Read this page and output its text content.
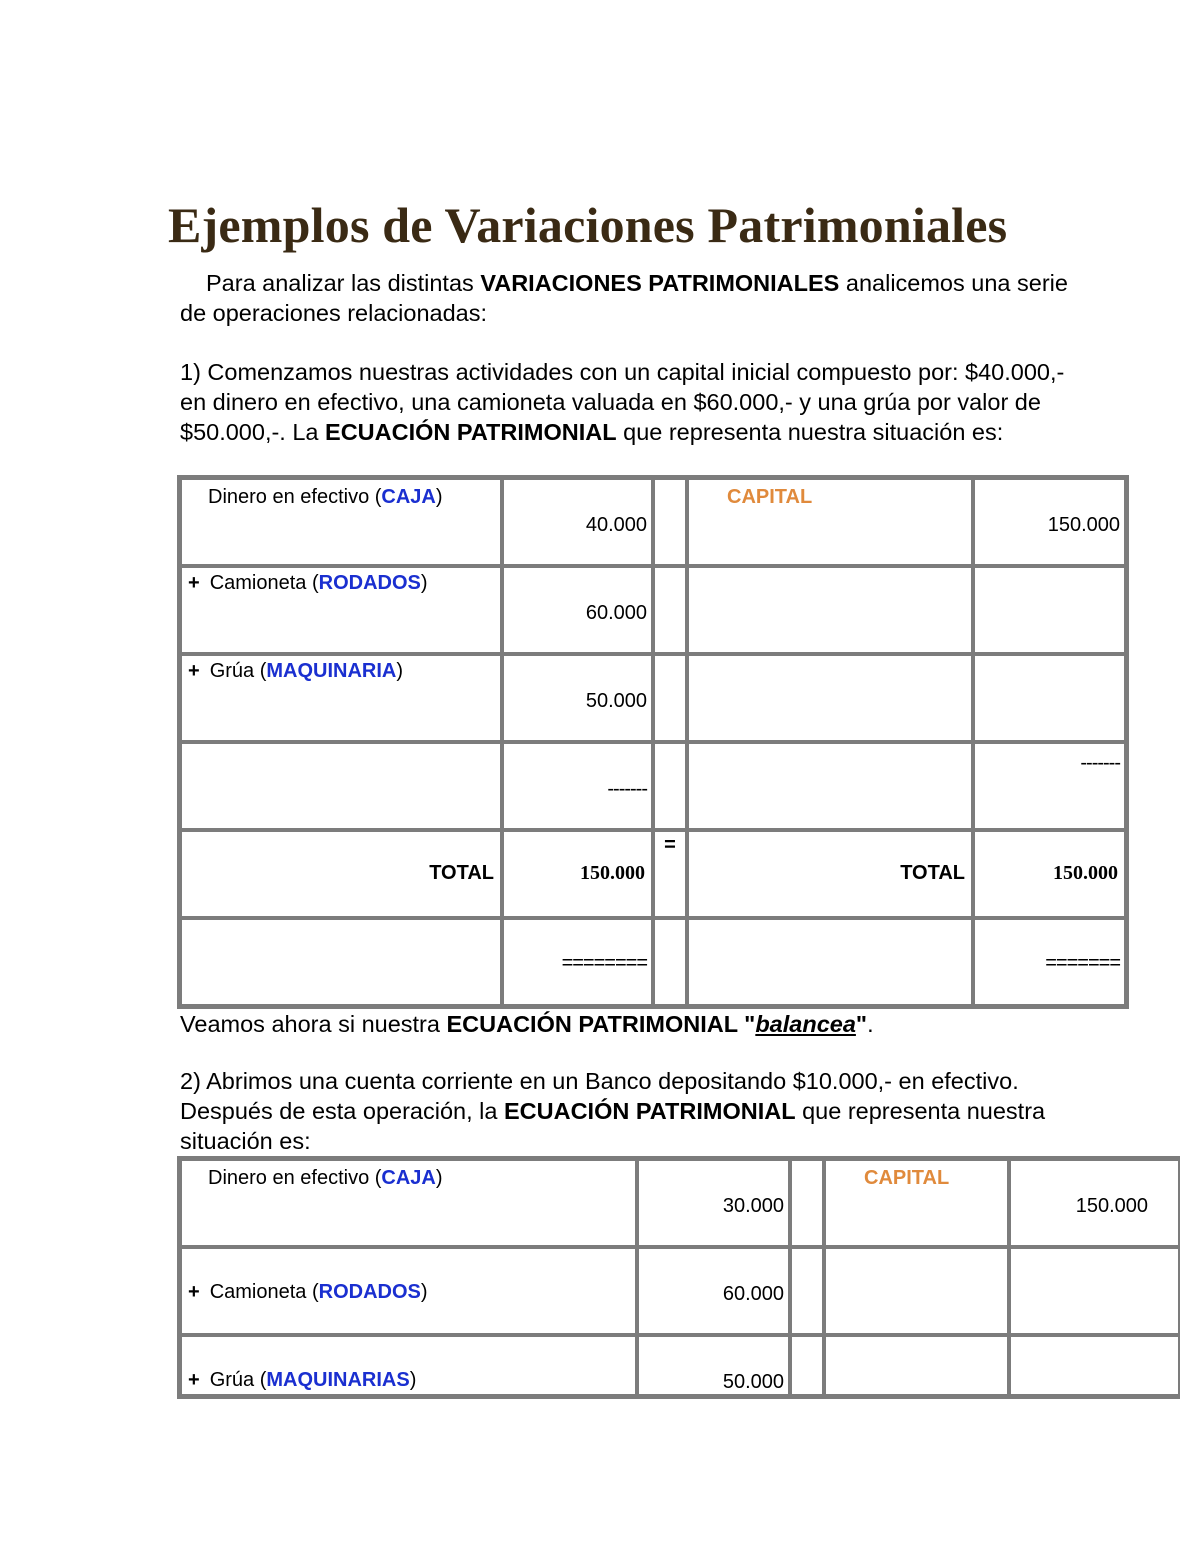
Ejemplos de Variaciones Patrimoniales

Para analizar las distintas VARIACIONES PATRIMONIALES analicemos una serie de operaciones relacionadas:

1) Comenzamos nuestras actividades con un capital inicial compuesto por: $40.000,- en dinero en efectivo, una camioneta valuada en $60.000,- y una grúa por valor de $50.000,-. La ECUACIÓN PATRIMONIAL que representa nuestra situación es:

Dinero en efectivo (CAJA)	40.000		CAPITAL	150.000
+ Camioneta (RODADOS)	60.000			
+ Grúa (MAQUINARIA)	50.000			
	-------			-------
TOTAL	150.000	=	TOTAL	150.000
	========			=======

Veamos ahora si nuestra ECUACIÓN PATRIMONIAL "balancea".

2) Abrimos una cuenta corriente en un Banco depositando $10.000,- en efectivo. Después de esta operación, la ECUACIÓN PATRIMONIAL que representa nuestra situación es:

Dinero en efectivo (CAJA)	30.000		CAPITAL	150.000
+ Camioneta (RODADOS)	60.000			
+ Grúa (MAQUINARIAS)	50.000			
